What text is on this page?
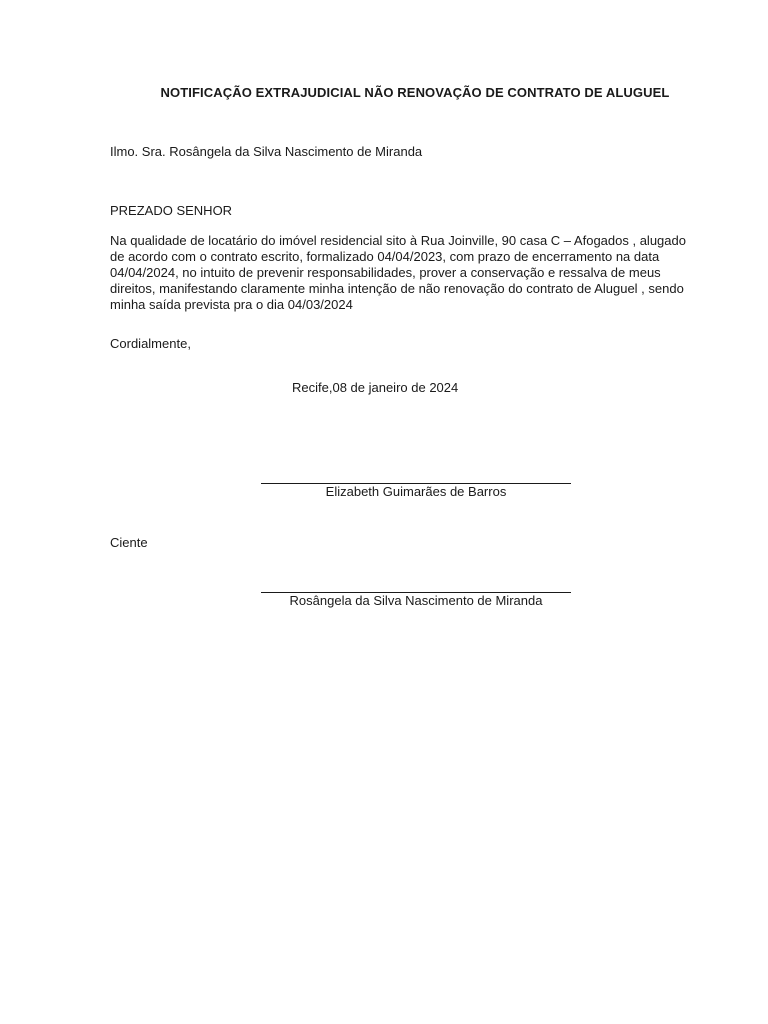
NOTIFICAÇÃO EXTRAJUDICIAL NÃO RENOVAÇÃO DE CONTRATO DE ALUGUEL
Ilmo. Sra. Rosângela da Silva Nascimento de Miranda
PREZADO SENHOR
Na qualidade de locatário do imóvel residencial sito à Rua Joinville, 90 casa C – Afogados , alugado
de acordo com o contrato escrito, formalizado 04/04/2023, com prazo de encerramento na data
04/04/2024, no intuito de prevenir responsabilidades, prover a conservação e ressalva de meus
direitos, manifestando claramente minha intenção de não renovação do contrato de Aluguel , sendo
minha saída prevista pra o dia 04/03/2024
Cordialmente,
Recife,08 de janeiro de 2024
Elizabeth Guimarães de Barros
Ciente
Rosângela da Silva Nascimento de Miranda
